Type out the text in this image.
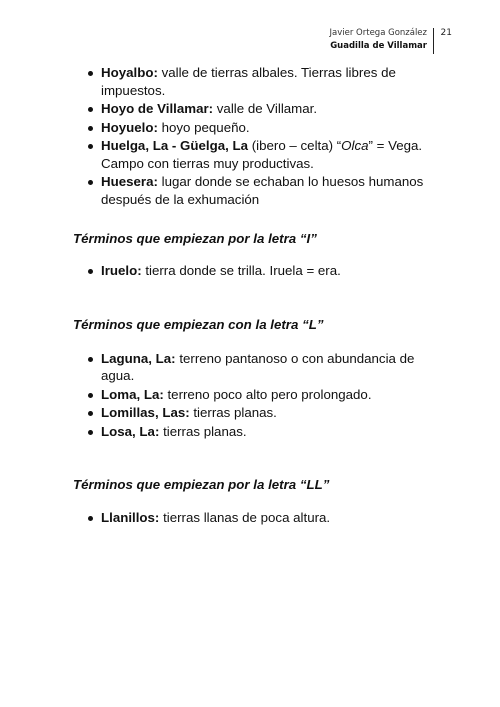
Javier Ortega González
Guadilla de Villamar
21
Hoyalbo: valle de tierras albales. Tierras libres de impuestos.
Hoyo de Villamar: valle de Villamar.
Hoyuelo: hoyo pequeño.
Huelga, La - Güelga, La (ibero – celta) “Olca” = Vega. Campo con tierras muy productivas.
Huesera: lugar donde se echaban lo huesos humanos después de la exhumación

Términos que empiezan por la letra “I”

Iruelo: tierra donde se trilla. Iruela = era.

Términos que empiezan con la letra “L”

Laguna, La: terreno pantanoso o con abundancia de agua.
Loma, La: terreno poco alto pero prolongado.
Lomillas, Las: tierras planas.
Losa, La: tierras planas.

Términos que empiezan por la letra “LL”

Llanillos: tierras llanas de poca altura.
